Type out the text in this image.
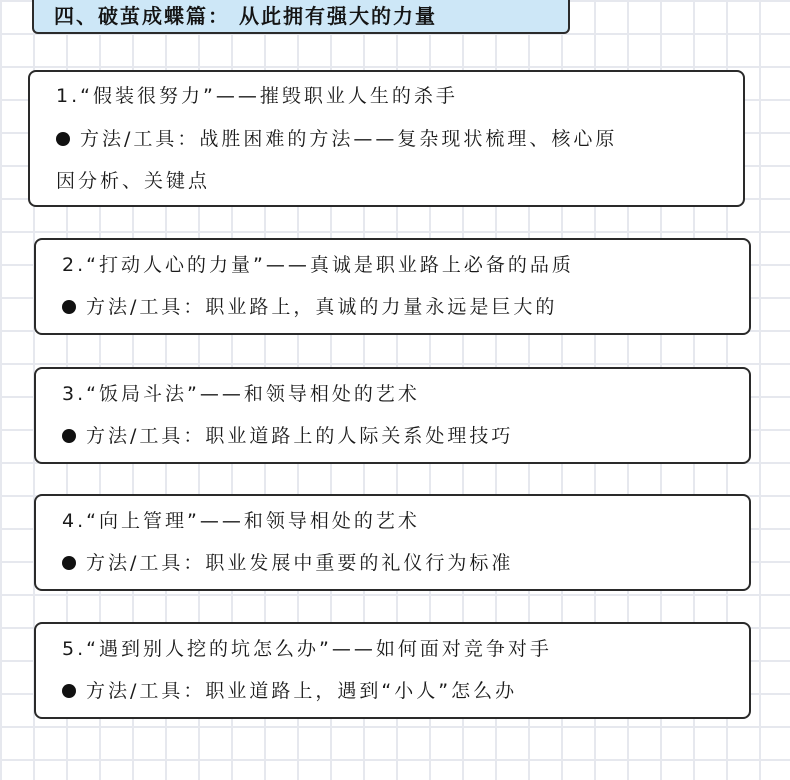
四、破茧成蝶篇： 从此拥有强大的力量
1.“假装很努力”——摧毁职业人生的杀手
方法/工具：战胜困难的方法——复杂现状梳理、核心原
因分析、关键点
2.“打动人心的力量”——真诚是职业路上必备的品质
方法/工具：职业路上，真诚的力量永远是巨大的
3.“饭局斗法”——和领导相处的艺术
方法/工具：职业道路上的人际关系处理技巧
4.“向上管理”——和领导相处的艺术
方法/工具：职业发展中重要的礼仪行为标准
5.“遇到别人挖的坑怎么办”——如何面对竞争对手
方法/工具：职业道路上，遇到“小人”怎么办
